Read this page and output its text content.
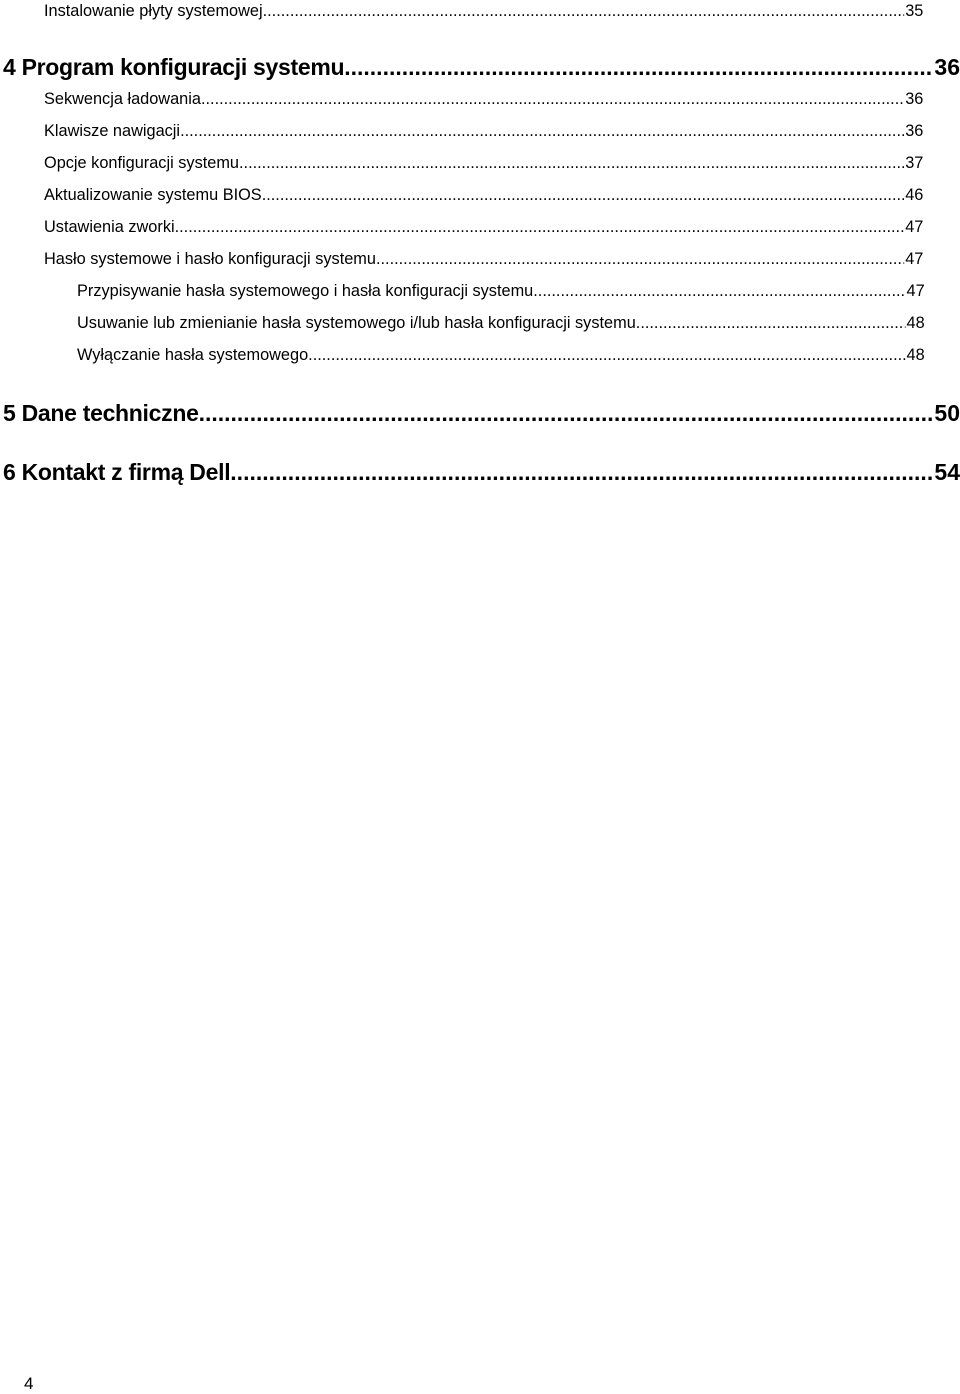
Instalowanie płyty systemowej .....	35
4 Program konfiguracji systemu .....	36
Sekwencja ładowania .....	36
Klawisze nawigacji .....	36
Opcje konfiguracji systemu .....	37
Aktualizowanie systemu BIOS .....	46
Ustawienia zworki .....	47
Hasło systemowe i hasło konfiguracji systemu .....	47
Przypisywanie hasła systemowego i hasła konfiguracji systemu .....	47
Usuwanie lub zmienianie hasła systemowego i/lub hasła konfiguracji systemu .....	48
Wyłączanie hasła systemowego .....	48
5 Dane techniczne .....	50
6 Kontakt z firmą Dell .....	54
4
